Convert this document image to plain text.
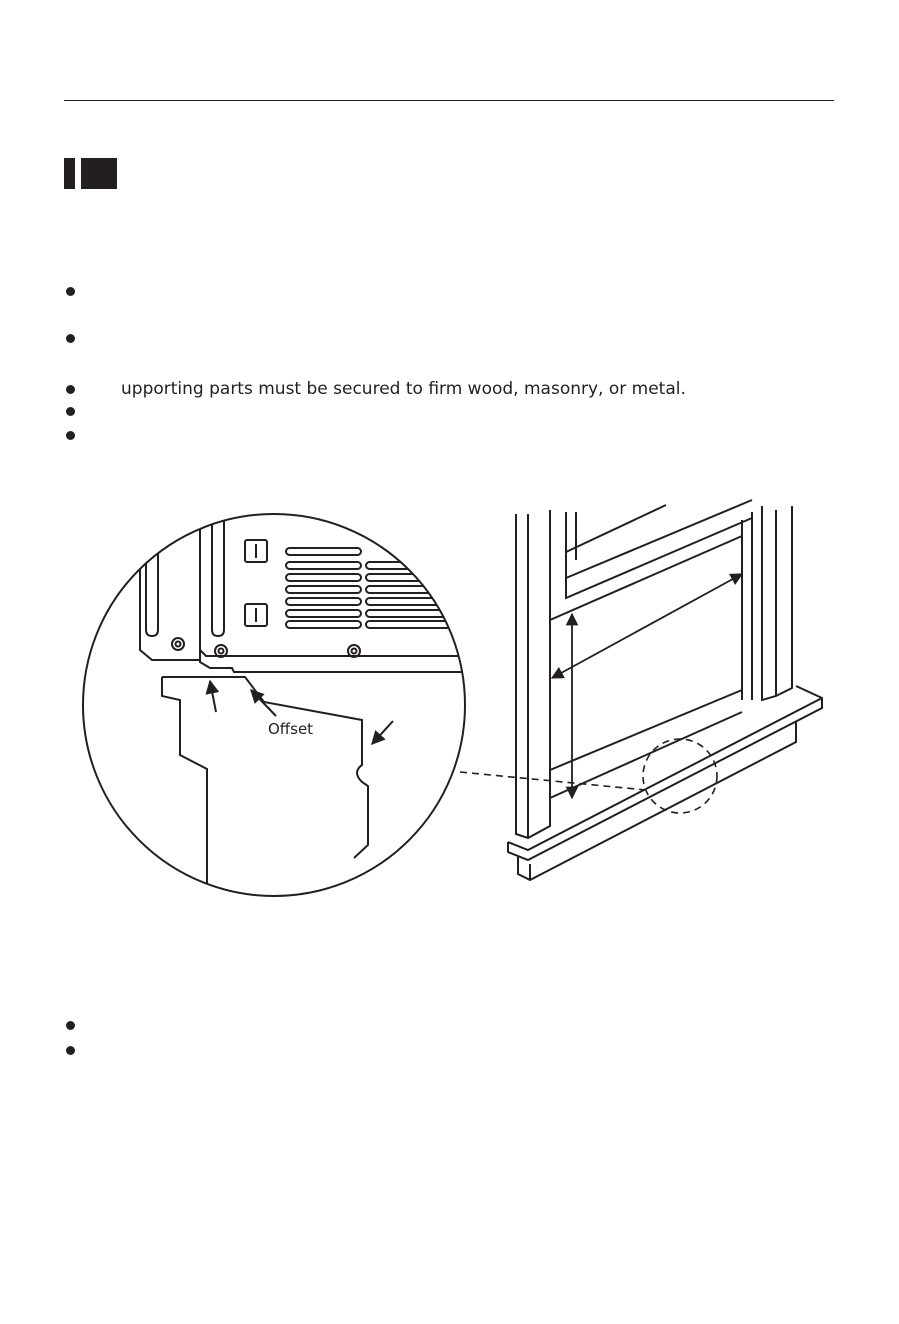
upporting parts must be secured to firm wood, masonry, or metal.
Offset
